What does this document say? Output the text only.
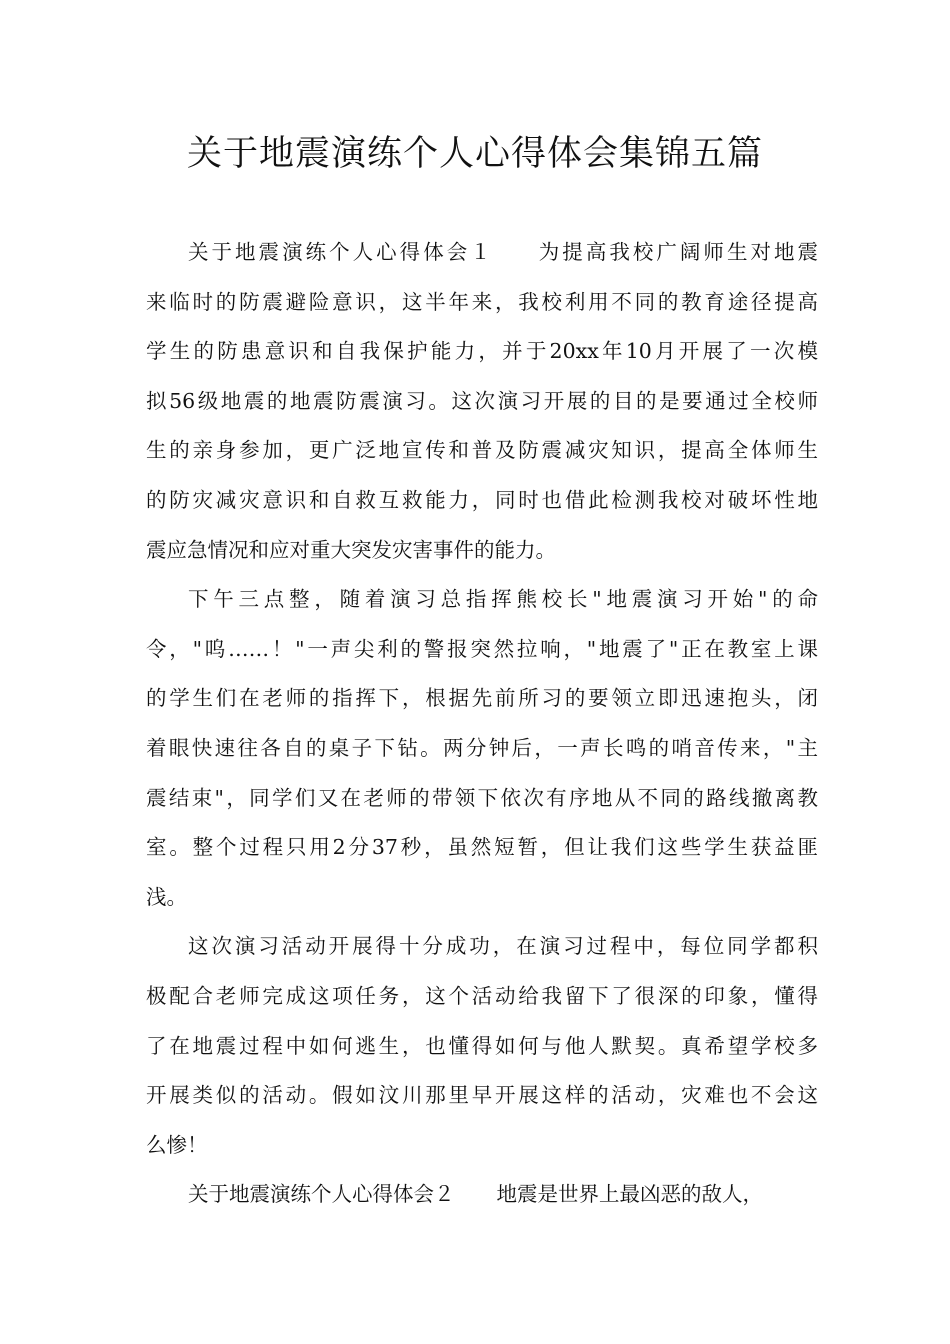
关于地震演练个人心得体会集锦五篇
关于地震演练个人心得体会１ 为提高我校广阔师生对地震
来临时的防震避险意识，这半年来，我校利用不同的教育途径提高
学生的防患意识和自我保护能力，并于20xx年10月开展了一次模
拟56级地震的地震防震演习。这次演习开展的目的是要通过全校师
生的亲身参加，更广泛地宣传和普及防震减灾知识，提高全体师生
的防灾减灾意识和自救互救能力，同时也借此检测我校对破坏性地
震应急情况和应对重大突发灾害事件的能力。
下午三点整，随着演习总指挥熊校长"地震演习开始"的命
令，"呜……！"一声尖利的警报突然拉响，"地震了"正在教室上课
的学生们在老师的指挥下，根据先前所习的要领立即迅速抱头，闭
着眼快速往各自的桌子下钻。两分钟后，一声长鸣的哨音传来，"主
震结束"，同学们又在老师的带领下依次有序地从不同的路线撤离教
室。整个过程只用2分37秒，虽然短暂，但让我们这些学生获益匪
浅。
这次演习活动开展得十分成功，在演习过程中，每位同学都积
极配合老师完成这项任务，这个活动给我留下了很深的印象，懂得
了在地震过程中如何逃生，也懂得如何与他人默契。真希望学校多
开展类似的活动。假如汶川那里早开展这样的活动，灾难也不会这
么惨！
关于地震演练个人心得体会２ 地震是世界上最凶恶的敌人，
